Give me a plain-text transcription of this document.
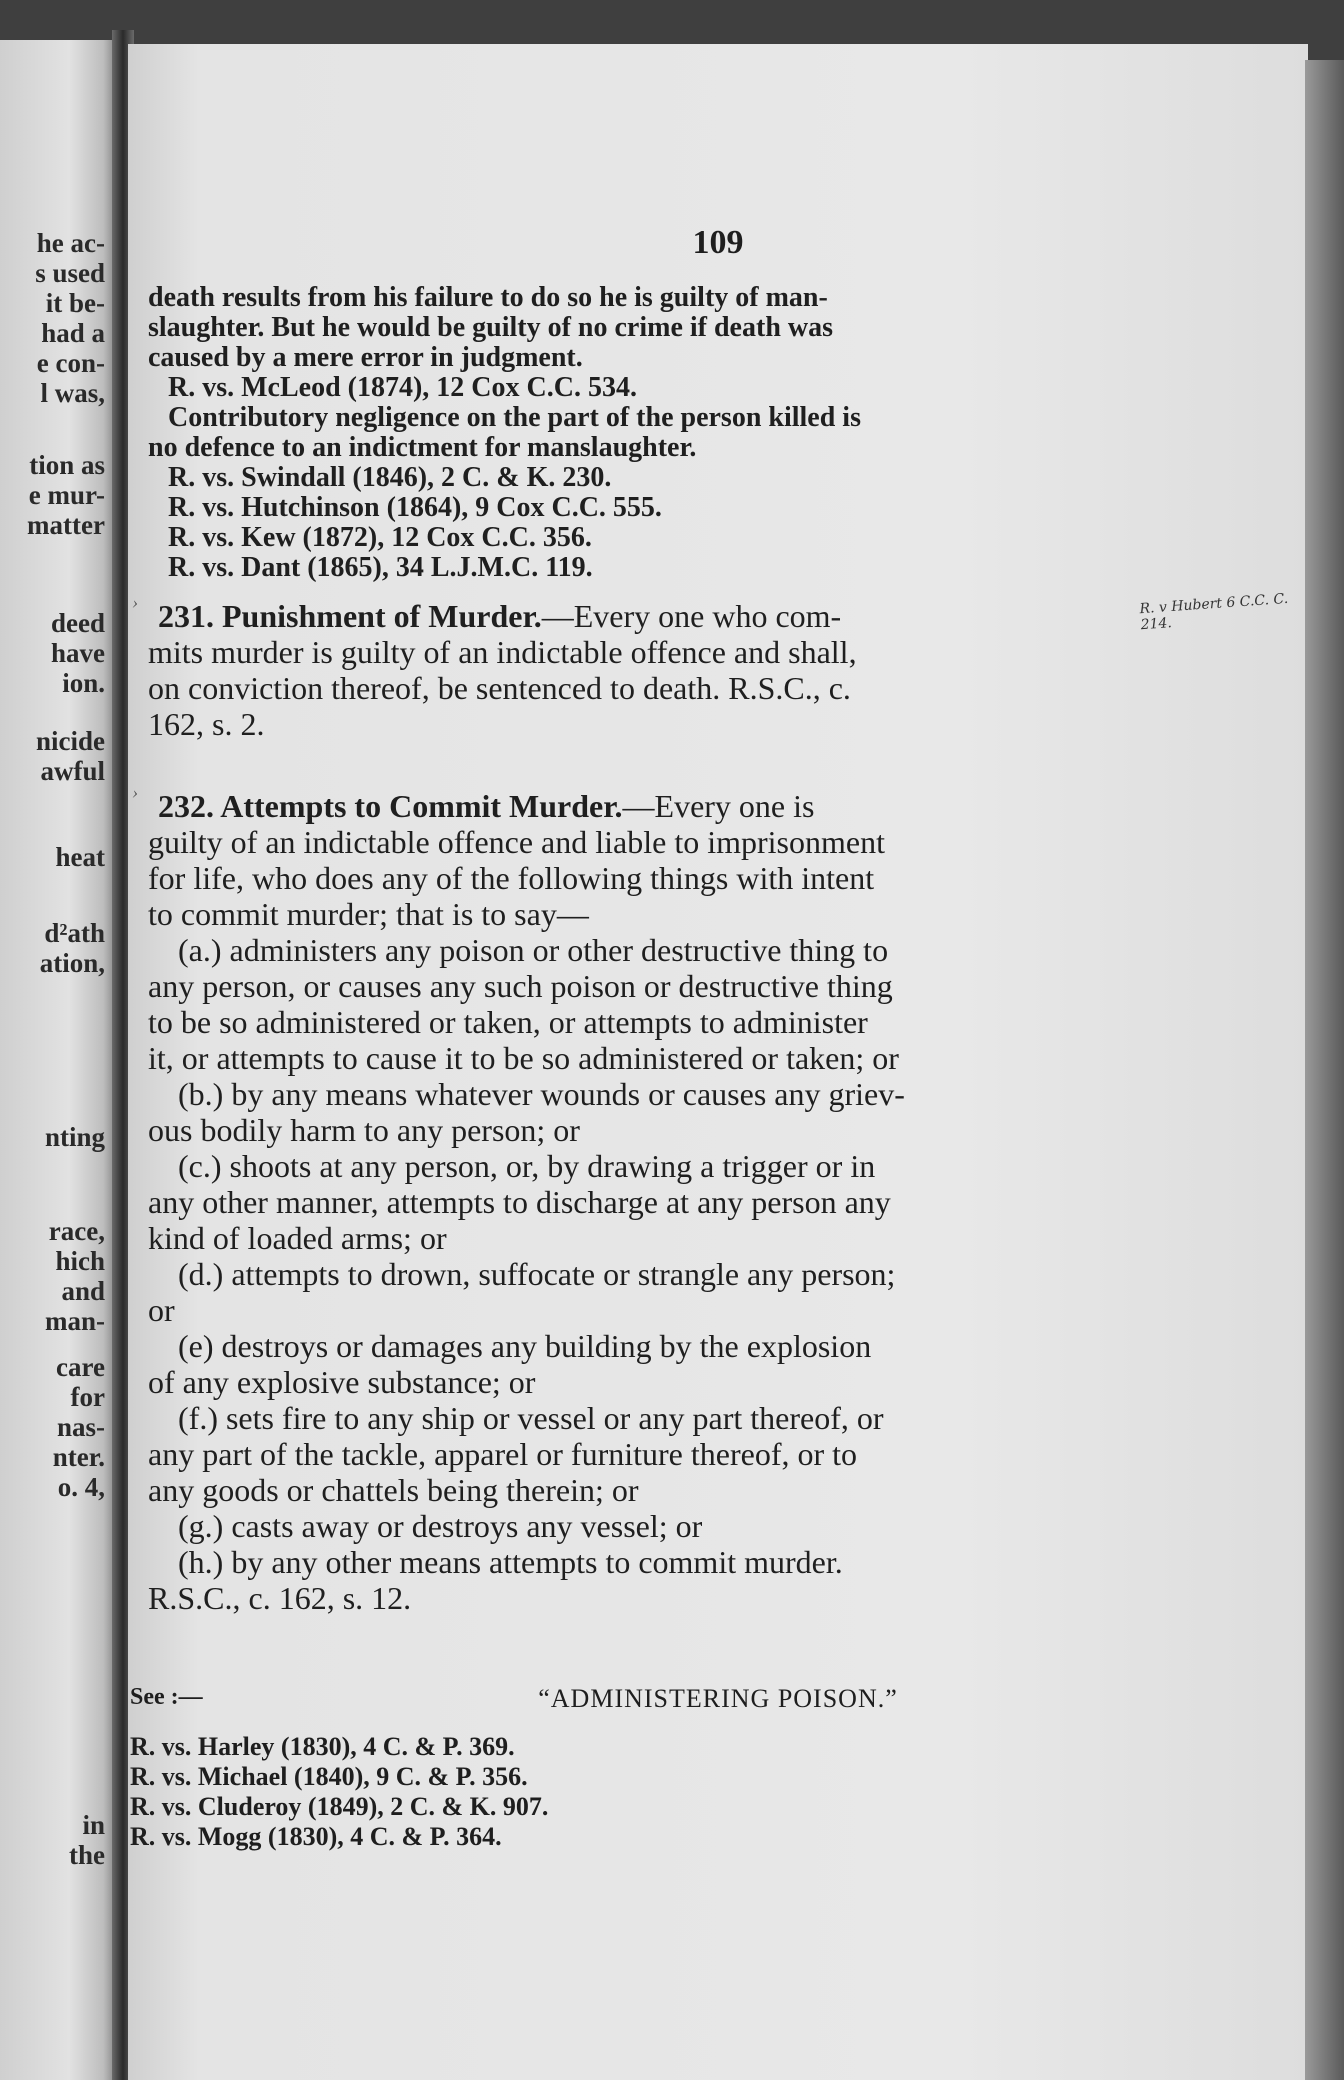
he ac-
s used
it be-
had a
e con-
l was,
tion as
e mur-
matter
deed
have
ion.
nicide
awful
heat
d²ath
ation,
nting
race,
hich
and
man-
care
for
nas-
nter.
o. 4,
in
the
109
death results from his failure to do so he is guilty of man-
slaughter. But he would be guilty of no crime if death was
caused by a mere error in judgment.
R. vs. McLeod (1874), 12 Cox C.C. 534.
Contributory negligence on the part of the person killed is
no defence to an indictment for manslaughter.
R. vs. Swindall (1846), 2 C. & K. 230.
R. vs. Hutchinson (1864), 9 Cox C.C. 555.
R. vs. Kew (1872), 12 Cox C.C. 356.
R. vs. Dant (1865), 34 L.J.M.C. 119.
› 231. Punishment of Murder.—Every one who com-
mits murder is guilty of an indictable offence and shall,
on conviction thereof, be sentenced to death. R.S.C., c.
162, s. 2.
› 232. Attempts to Commit Murder.—Every one is
guilty of an indictable offence and liable to imprisonment
for life, who does any of the following things with intent
to commit murder; that is to say—
(a.) administers any poison or other destructive thing to
any person, or causes any such poison or destructive thing
to be so administered or taken, or attempts to administer
it, or attempts to cause it to be so administered or taken; or
(b.) by any means whatever wounds or causes any griev-
ous bodily harm to any person; or
(c.) shoots at any person, or, by drawing a trigger or in
any other manner, attempts to discharge at any person any
kind of loaded arms; or
(d.) attempts to drown, suffocate or strangle any person;
or
(e) destroys or damages any building by the explosion
of any explosive substance; or
(f.) sets fire to any ship or vessel or any part thereof, or
any part of the tackle, apparel or furniture thereof, or to
any goods or chattels being therein; or
(g.) casts away or destroys any vessel; or
(h.) by any other means attempts to commit murder.
R.S.C., c. 162, s. 12.
“ADMINISTERING POISON.”
See :—
R. vs. Harley (1830), 4 C. & P. 369.
R. vs. Michael (1840), 9 C. & P. 356.
R. vs. Cluderoy (1849), 2 C. & K. 907.
R. vs. Mogg (1830), 4 C. & P. 364.
R. v Hubert 6 C.C. C. 214.
